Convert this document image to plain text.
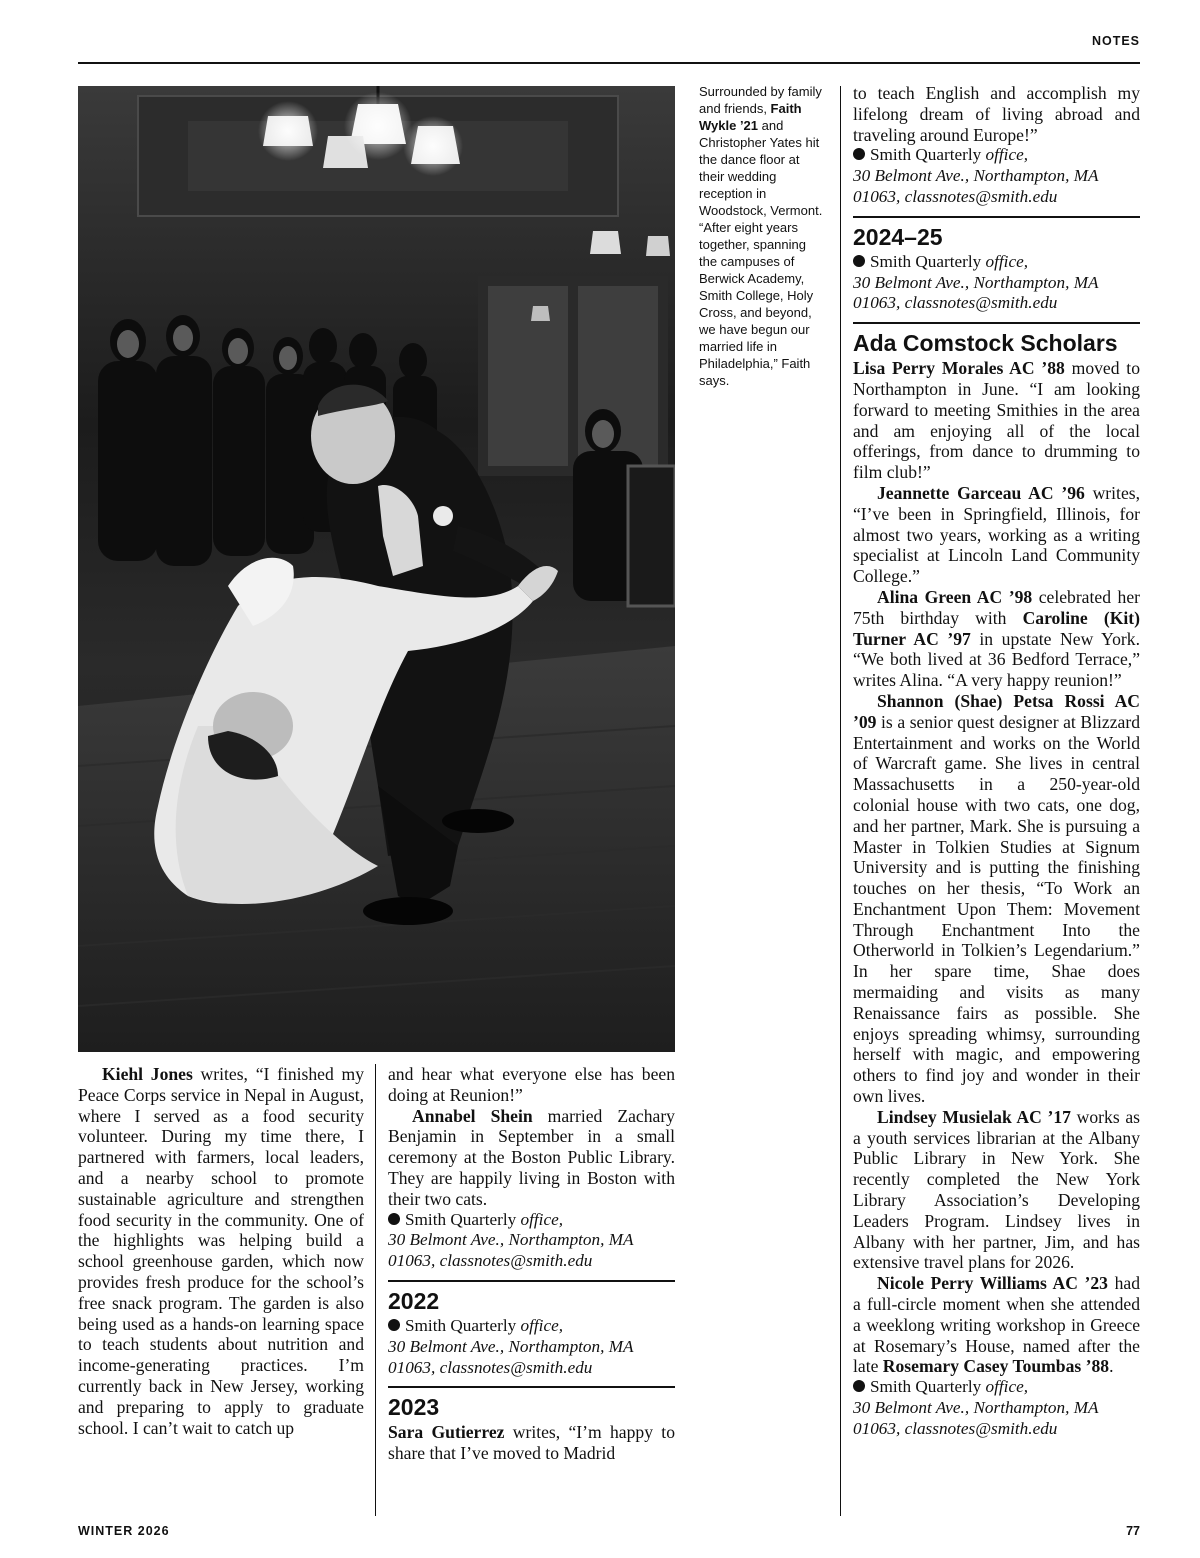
NOTES
Surrounded by family and friends, Faith Wykle ’21 and Christopher Yates hit the dance floor at their wedding reception in Woodstock, Vermont. “After eight years together, spanning the campuses of Berwick Academy, Smith College, Holy Cross, and beyond, we have begun our married life in Philadelphia,” Faith says.

Kiehl Jones writes, “I finished my Peace Corps service in Nepal in August, where I served as a food security volunteer. During my time there, I partnered with farmers, local leaders, and a nearby school to promote sustainable agriculture and strengthen food security in the community. One of the highlights was helping build a school greenhouse garden, which now provides fresh produce for the school’s free snack program. The garden is also being used as a hands-on learning space to teach students about nutrition and income-generating practices. I’m currently back in New Jersey, working and preparing to apply to graduate school. I can’t wait to catch up

and hear what everyone else has been doing at Reunion!”

Annabel Shein married Zachary Benjamin in September in a small ceremony at the Boston Public Library. They are happily living in Boston with their two cats.

Smith Quarterly office,
30 Belmont Ave., Northampton, MA
01063, classnotes@smith.edu
2022
Smith Quarterly office,
30 Belmont Ave., Northampton, MA
01063, classnotes@smith.edu
2023

Sara Gutierrez writes, “I’m happy to share that I’ve moved to Madrid

to teach English and accomplish my lifelong dream of living abroad and traveling around Europe!”

Smith Quarterly office,
30 Belmont Ave., Northampton, MA
01063, classnotes@smith.edu
2024–25
Smith Quarterly office,
30 Belmont Ave., Northampton, MA
01063, classnotes@smith.edu
Ada Comstock Scholars

Lisa Perry Morales AC ’88 moved to Northampton in June. “I am looking forward to meeting Smithies in the area and am enjoying all of the local offerings, from dance to drumming to film club!”

Jeannette Garceau AC ’96 writes, “I’ve been in Springfield, Illinois, for almost two years, working as a writing specialist at Lincoln Land Community College.”

Alina Green AC ’98 celebrated her 75th birthday with Caroline (Kit) Turner AC ’97 in upstate New York. “We both lived at 36 Bedford Terrace,” writes Alina. “A very happy reunion!”

Shannon (Shae) Petsa Rossi AC ’09 is a senior quest designer at Blizzard Entertainment and works on the World of Warcraft game. She lives in central Massachusetts in a 250-year-old colonial house with two cats, one dog, and her partner, Mark. She is pursuing a Master in Tolkien Studies at Signum University and is putting the finishing touches on her thesis, “To Work an Enchantment Upon Them: Movement Through Enchantment Into the Otherworld in Tolkien’s Legendarium.” In her spare time, Shae does mermaiding and visits as many Renaissance fairs as possible. She enjoys spreading whimsy, surrounding herself with magic, and empowering others to find joy and wonder in their own lives.

Lindsey Musielak AC ’17 works as a youth services librarian at the Albany Public Library in New York. She recently completed the New York Library Association’s Developing Leaders Program. Lindsey lives in Albany with her partner, Jim, and has extensive travel plans for 2026.

Nicole Perry Williams AC ’23 had a full-circle moment when she attended a weeklong writing workshop in Greece at Rosemary’s House, named after the late Rosemary Casey Toumbas ’88.

Smith Quarterly office,
30 Belmont Ave., Northampton, MA
01063, classnotes@smith.edu
WINTER 2026	77
